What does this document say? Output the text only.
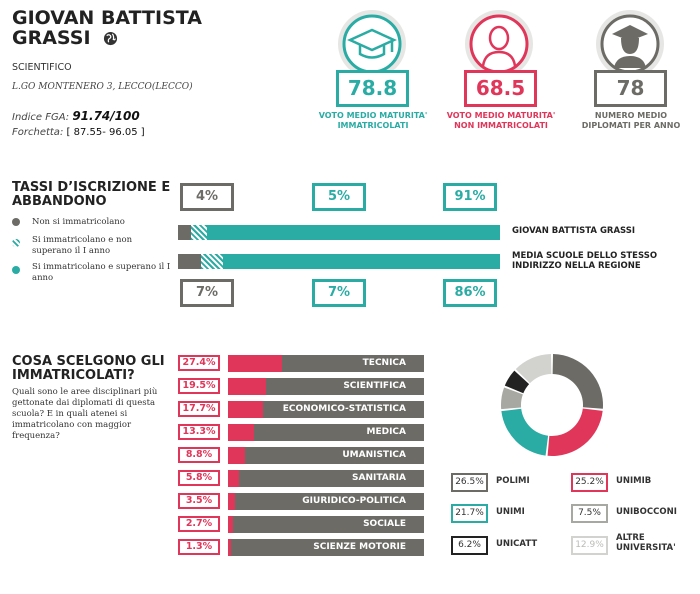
GIOVAN BATTISTA GRASSI
SCIENTIFICO
L.GO MONTENERO 3, LECCO(LECCO)
Indice FGA: 91.74/100
Forchetta: [ 87.55- 96.05 ]
78.8	68.5	78
VOTO MEDIO MATURITA' IMMATRICOLATI
VOTO MEDIO MATURITA' NON IMMATRICOLATI
NUMERO MEDIO DIPLOMATI PER ANNO
TASSI D’ISCRIZIONE E ABBANDONO
Non si immatricolano
Si immatricolano e non superano il I anno
Si immatricolano e superano il I anno
4%	5%	91%
GIOVAN BATTISTA GRASSI
MEDIA SCUOLE DELLO STESSO INDIRIZZO NELLA REGIONE
7%	7%	86%
COSA SCELGONO GLI IMMATRICOLATI?
Quali sono le aree disciplinari più gettonate dai diplomati di questa scuola? E in quali atenei si immatricolano con maggior frequenza?
27.4%	TECNICA
19.5%	SCIENTIFICA
17.7%	ECONOMICO-STATISTICA
13.3%	MEDICA
8.8%	UMANISTICA
5.8%	SANITARIA
3.5%	GIURIDICO-POLITICA
2.7%	SOCIALE
1.3%	SCIENZE MOTORIE
26.5%	POLIMI	25.2%	UNIMIB
21.7%	UNIMI	7.5%	UNIBOCCONI
6.2%	UNICATT	12.9%
ALTRE UNIVERSITA'
